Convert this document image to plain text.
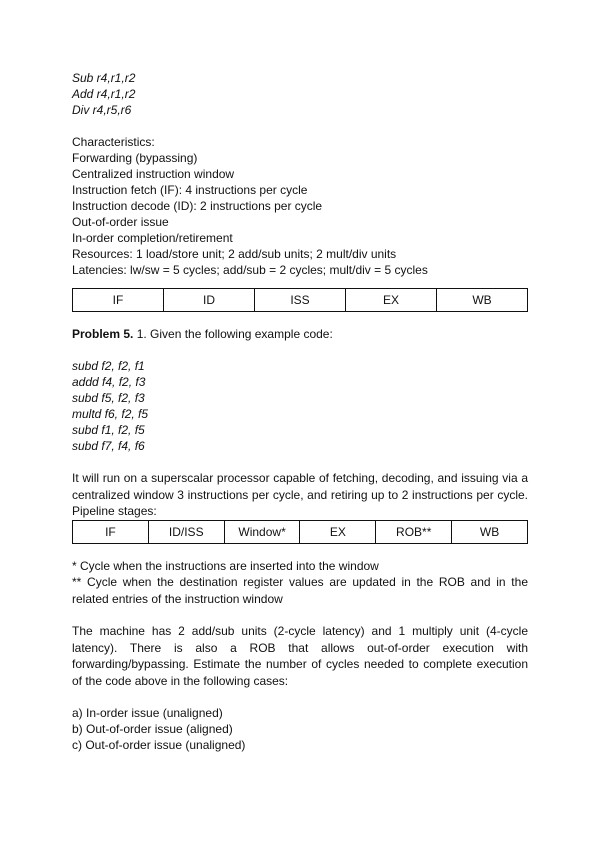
Sub r4,r1,r2
Add r4,r1,r2
Div r4,r5,r6
Characteristics:
Forwarding (bypassing)
Centralized instruction window
Instruction fetch (IF): 4 instructions per cycle
Instruction decode (ID): 2 instructions per cycle
Out-of-order issue
In-order completion/retirement
Resources: 1 load/store unit; 2 add/sub units; 2 mult/div units
Latencies: lw/sw = 5 cycles; add/sub = 2 cycles; mult/div = 5 cycles
IF	ID	ISS	EX	WB
Problem 5. 1. Given the following example code:
subd f2, f2, f1
addd f4, f2, f3
subd f5, f2, f3
multd f6, f2, f5
subd f1, f2, f5
subd f7, f4, f6
It will run on a superscalar processor capable of fetching, decoding, and issuing via a centralized window 3 instructions per cycle, and retiring up to 2 instructions per cycle. Pipeline stages:
IF	ID/ISS	Window*	EX	ROB**	WB
* Cycle when the instructions are inserted into the window
** Cycle when the destination register values are updated in the ROB and in the related entries of the instruction window
The machine has 2 add/sub units (2-cycle latency) and 1 multiply unit (4-cycle latency). There is also a ROB that allows out-of-order execution with forwarding/bypassing. Estimate the number of cycles needed to complete execution of the code above in the following cases:
a) In-order issue (unaligned)
b) Out-of-order issue (aligned)
c) Out-of-order issue (unaligned)
